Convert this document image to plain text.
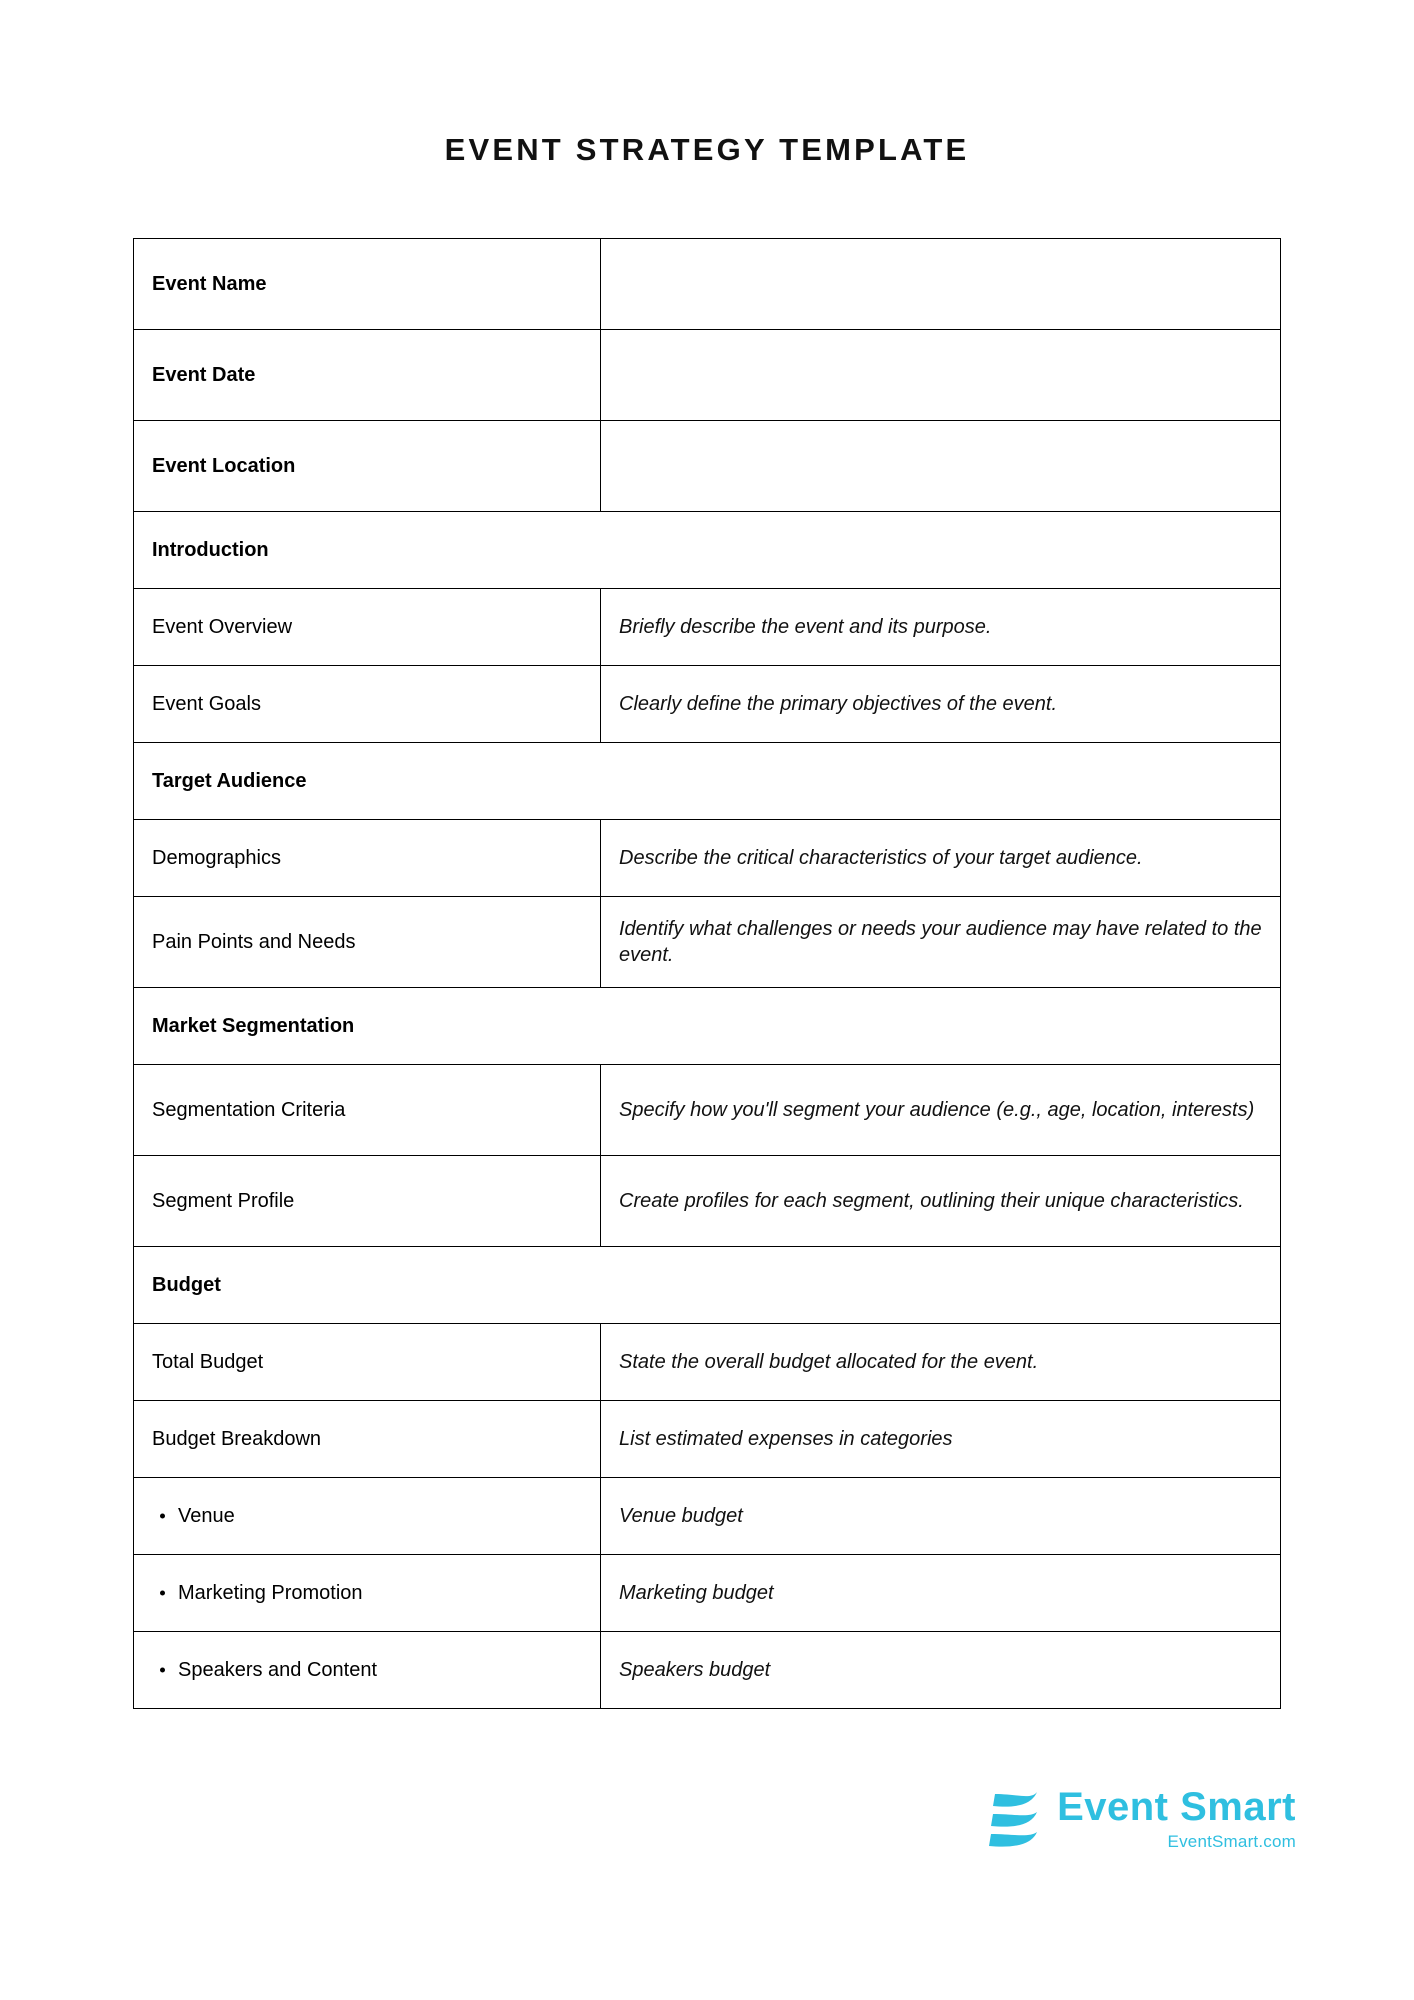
EVENT STRATEGY TEMPLATE
Event Name	
Event Date	
Event Location	
Introduction	
Event Overview	Briefly describe the event and its purpose.
Event Goals	Clearly define the primary objectives of the event.
Target Audience	
Demographics	Describe the critical characteristics of your target audience.
Pain Points and Needs	Identify what challenges or needs your audience may have related to the event.
Market Segmentation	
Segmentation Criteria	Specify how you'll segment your audience (e.g., age, location, interests)
Segment Profile	Create profiles for each segment, outlining their unique characteristics.
Budget	
Total Budget	State the overall budget allocated for the event.
Budget Breakdown	List estimated expenses in categories

Venue	Venue budget

Marketing Promotion	Marketing budget

Speakers and Content	Speakers budget
Event Smart
EventSmart.com
